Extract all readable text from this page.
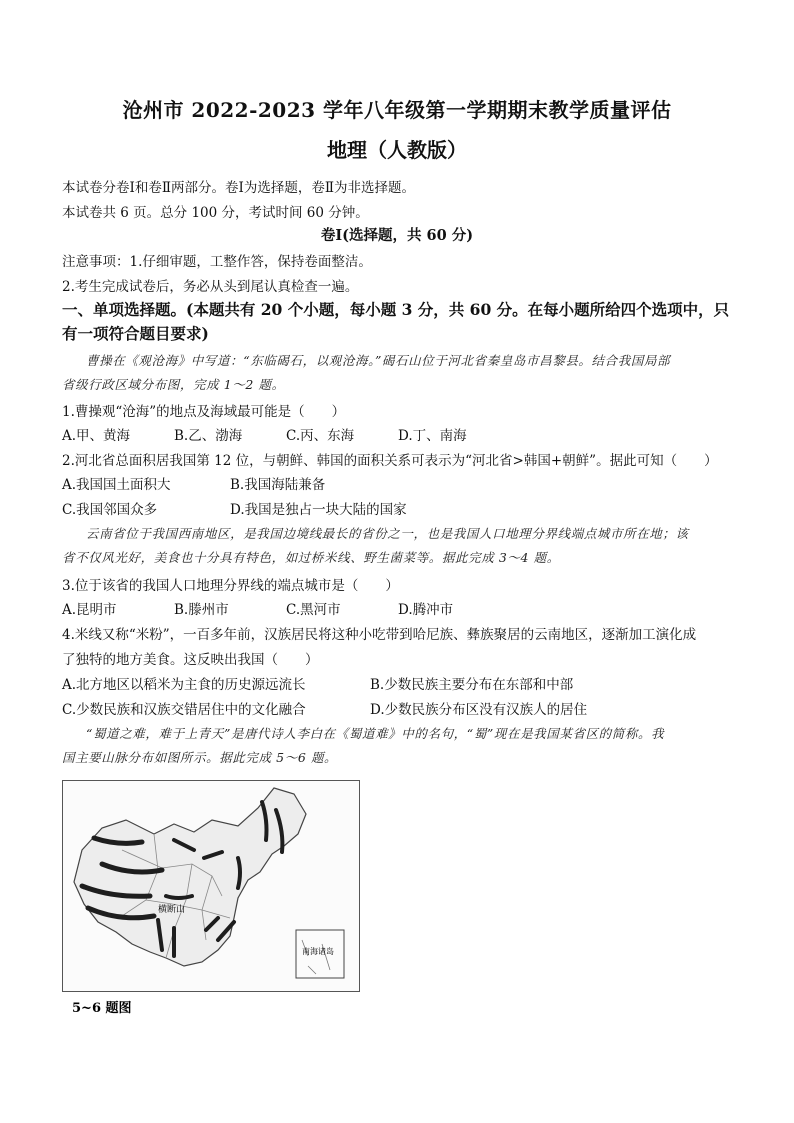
沧州市 2022-2023 学年八年级第一学期期末教学质量评估
地理（人教版）
本试卷分卷Ⅰ和卷Ⅱ两部分。卷Ⅰ为选择题，卷Ⅱ为非选择题。
本试卷共 6 页。总分 100 分，考试时间 60 分钟。
卷Ⅰ(选择题，共 60 分)
注意事项：1.仔细审题，工整作答，保持卷面整洁。
2.考生完成试卷后，务必从头到尾认真检查一遍。
一、单项选择题。(本题共有 20 个小题，每小题 3 分，共 60 分。在每小题所给四个选项中，只
有一项符合题目要求)
曹操在《观沧海》中写道：“东临碣石，以观沧海。”碣石山位于河北省秦皇岛市昌黎县。结合我国局部
省级行政区域分布图，完成 1～2 题。
1.曹操观“沧海”的地点及海域最可能是（　　）
A.甲、黄海	B.乙、渤海	C.丙、东海	D.丁、南海
2.河北省总面积居我国第 12 位，与朝鲜、韩国的面积关系可表示为“河北省>韩国+朝鲜”。据此可知（　　）
A.我国国土面积大	B.我国海陆兼备
C.我国邻国众多	D.我国是独占一块大陆的国家
云南省位于我国西南地区，是我国边境线最长的省份之一，也是我国人口地理分界线端点城市所在地；该
省不仅风光好，美食也十分具有特色，如过桥米线、野生菌菜等。据此完成 3～4 题。
3.位于该省的我国人口地理分界线的端点城市是（　　）
A.昆明市	B.滕州市	C.黑河市	D.腾冲市
4.米线又称“米粉”，一百多年前，汉族居民将这种小吃带到哈尼族、彝族聚居的云南地区，逐渐加工演化成
了独特的地方美食。这反映出我国（　　）
A.北方地区以稻米为主食的历史源远流长	B.少数民族主要分布在东部和中部
C.少数民族和汉族交错居住中的文化融合	D.少数民族分布区没有汉族人的居住
“蜀道之难，难于上青天”是唐代诗人李白在《蜀道难》中的名句，“蜀”现在是我国某省区的简称。我
国主要山脉分布如图所示。据此完成 5～6 题。
南海诸岛
横断山
5~6 题图
